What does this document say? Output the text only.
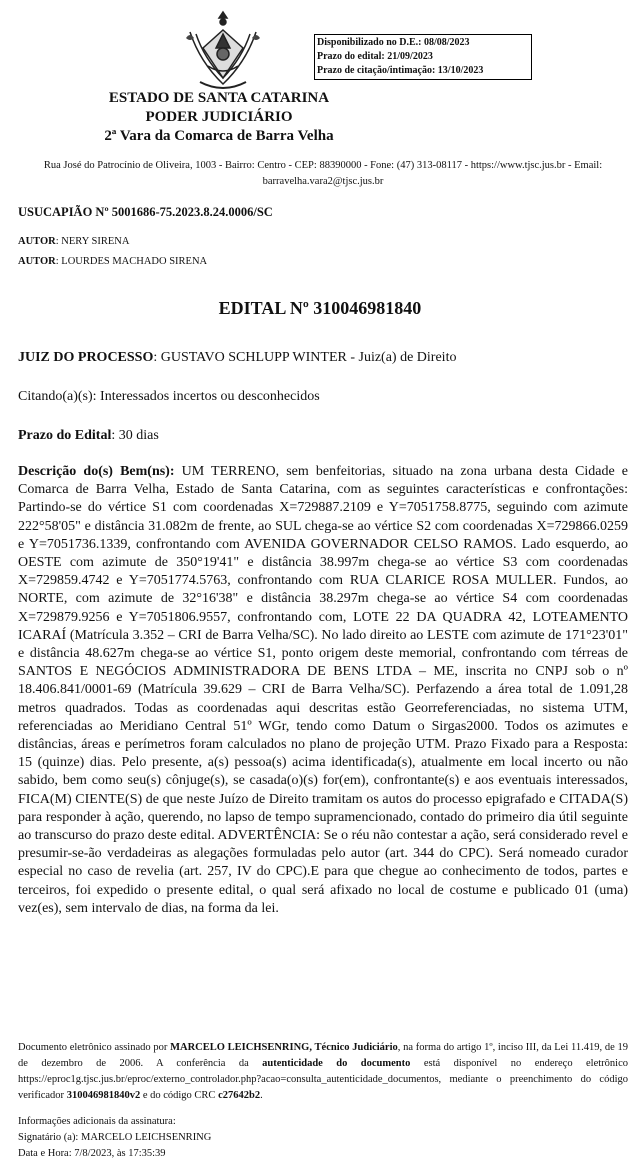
Disponibilizado no D.E.: 08/08/2023
Prazo do edital: 21/09/2023
Prazo de citação/intimação: 13/10/2023
ESTADO DE SANTA CATARINA
PODER JUDICIÁRIO
2ª Vara da Comarca de Barra Velha
Rua José do Patrocínio de Oliveira, 1003 - Bairro: Centro - CEP: 88390000 - Fone: (47) 313-08117 - https://www.tjsc.jus.br - Email: barravelha.vara2@tjsc.jus.br
USUCAPIÃO Nº 5001686-75.2023.8.24.0006/SC
AUTOR: NERY SIRENA
AUTOR: LOURDES MACHADO SIRENA
EDITAL Nº 310046981840
JUIZ DO PROCESSO: GUSTAVO SCHLUPP WINTER - Juiz(a) de Direito
Citando(a)(s): Interessados incertos ou desconhecidos
Prazo do Edital: 30 dias
Descrição do(s) Bem(ns): UM TERRENO, sem benfeitorias, situado na zona urbana desta Cidade e Comarca de Barra Velha, Estado de Santa Catarina, com as seguintes características e confrontações: Partindo-se do vértice S1 com coordenadas X=729887.2109 e Y=7051758.8775, seguindo com azimute 222°58'05" e distância 31.082m de frente, ao SUL chega-se ao vértice S2 com coordenadas X=729866.0259 e Y=7051736.1339, confrontando com AVENIDA GOVERNADOR CELSO RAMOS. Lado esquerdo, ao OESTE com azimute de 350°19'41" e distância 38.997m chega-se ao vértice S3 com coordenadas X=729859.4742 e Y=7051774.5763, confrontando com RUA CLARICE ROSA MULLER. Fundos, ao NORTE, com azimute de 32°16'38" e distância 38.297m chega-se ao vértice S4 com coordenadas X=729879.9256 e Y=7051806.9557, confrontando com, LOTE 22 DA QUADRA 42, LOTEAMENTO ICARAÍ (Matrícula 3.352 – CRI de Barra Velha/SC). No lado direito ao LESTE com azimute de 171°23'01" e distância 48.627m chega-se ao vértice S1, ponto origem deste memorial, confrontando com térreas de SANTOS E NEGÓCIOS ADMINISTRADORA DE BENS LTDA – ME, inscrita no CNPJ sob o nº 18.406.841/0001-69 (Matrícula 39.629 – CRI de Barra Velha/SC). Perfazendo a área total de 1.091,28 metros quadrados. Todas as coordenadas aqui descritas estão Georreferenciadas, no sistema UTM, referenciadas ao Meridiano Central 51º WGr, tendo como Datum o Sirgas2000. Todos os azimutes e distâncias, áreas e perímetros foram calculados no plano de projeção UTM. Prazo Fixado para a Resposta: 15 (quinze) dias. Pelo presente, a(s) pessoa(s) acima identificada(s), atualmente em local incerto ou não sabido, bem como seu(s) cônjuge(s), se casada(o)(s) for(em), confrontante(s) e aos eventuais interessados, FICA(M) CIENTE(S) de que neste Juízo de Direito tramitam os autos do processo epigrafado e CITADA(S) para responder à ação, querendo, no lapso de tempo supramencionado, contado do primeiro dia útil seguinte ao transcurso do prazo deste edital. ADVERTÊNCIA: Se o réu não contestar a ação, será considerado revel e presumir-se-ão verdadeiras as alegações formuladas pelo autor (art. 344 do CPC). Será nomeado curador especial no caso de revelia (art. 257, IV do CPC).E para que chegue ao conhecimento de todos, partes e terceiros, foi expedido o presente edital, o qual será afixado no local de costume e publicado 01 (uma) vez(es), sem intervalo de dias, na forma da lei.
Documento eletrônico assinado por MARCELO LEICHSENRING, Técnico Judiciário, na forma do artigo 1º, inciso III, da Lei 11.419, de 19 de dezembro de 2006. A conferência da autenticidade do documento está disponível no endereço eletrônico https://eproc1g.tjsc.jus.br/eproc/externo_controlador.php?acao=consulta_autenticidade_documentos, mediante o preenchimento do código verificador 310046981840v2 e do código CRC c27642b2.
Informações adicionais da assinatura:
Signatário (a): MARCELO LEICHSENRING
Data e Hora: 7/8/2023, às 17:35:39
